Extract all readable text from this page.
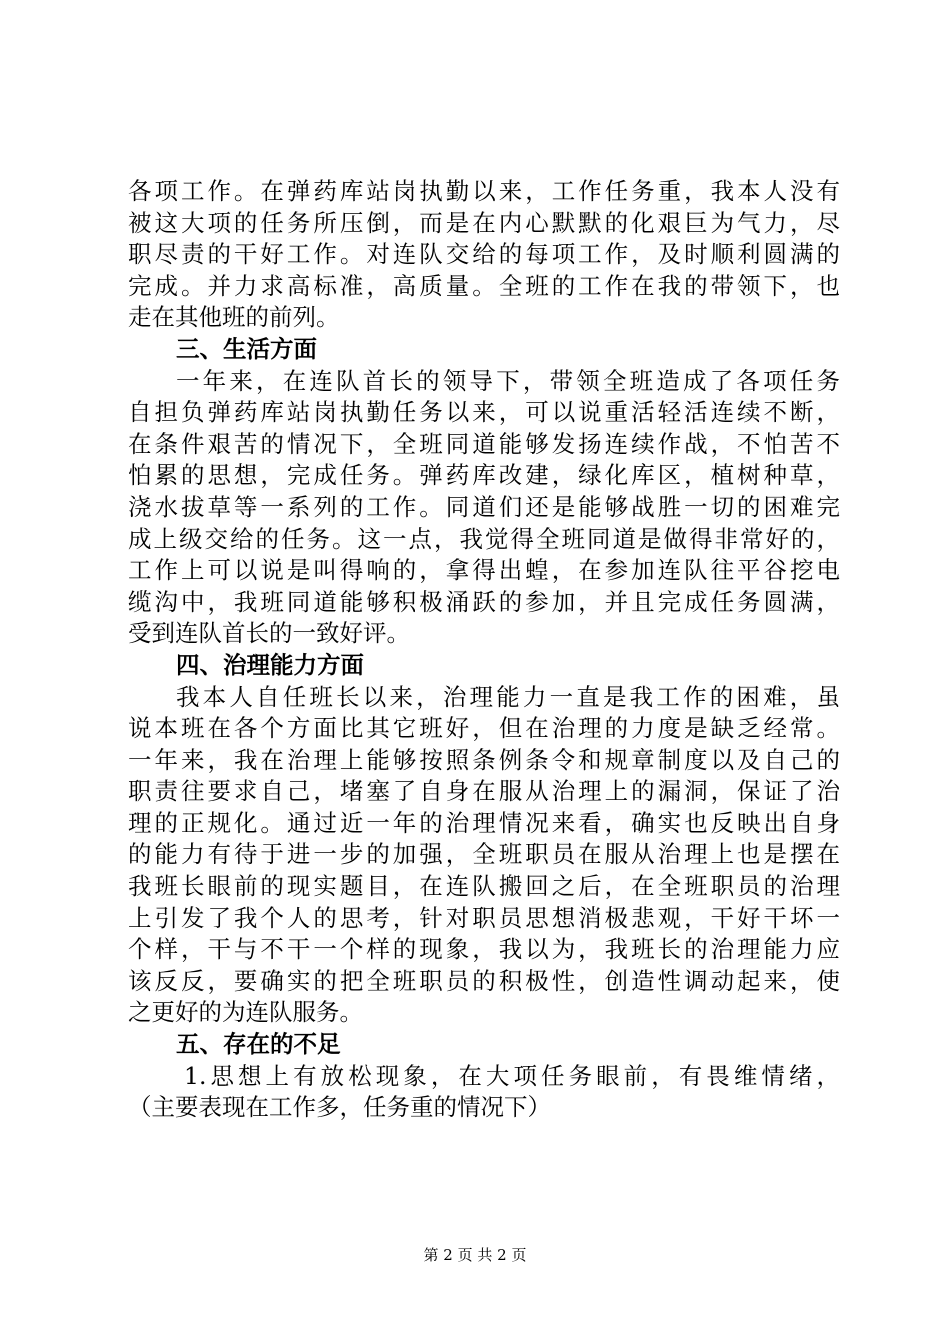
各项工作。在弹药库站岗执勤以来，工作任务重，我本人没有
被这大项的任务所压倒，而是在内心默默的化艰巨为气力，尽
职尽责的干好工作。对连队交给的每项工作，及时顺利圆满的
完成。并力求高标准，高质量。全班的工作在我的带领下，也
走在其他班的前列。
三、生活方面
一年来，在连队首长的领导下，带领全班造成了各项任务
自担负弹药库站岗执勤任务以来，可以说重活轻活连续不断，
在条件艰苦的情况下，全班同道能够发扬连续作战，不怕苦不
怕累的思想，完成任务。弹药库改建，绿化库区，植树种草，
浇水拔草等一系列的工作。同道们还是能够战胜一切的困难完
成上级交给的任务。这一点，我觉得全班同道是做得非常好的，
工作上可以说是叫得响的，拿得出蝗，在参加连队往平谷挖电
缆沟中，我班同道能够积极涌跃的参加，并且完成任务圆满，
受到连队首长的一致好评。
四、治理能力方面
我本人自任班长以来，治理能力一直是我工作的困难，虽
说本班在各个方面比其它班好，但在治理的力度是缺乏经常。
一年来，我在治理上能够按照条例条令和规章制度以及自己的
职责往要求自己，堵塞了自身在服从治理上的漏洞，保证了治
理的正规化。通过近一年的治理情况来看，确实也反映出自身
的能力有待于进一步的加强，全班职员在服从治理上也是摆在
我班长眼前的现实题目，在连队搬回之后，在全班职员的治理
上引发了我个人的思考，针对职员思想消极悲观，干好干坏一
个样，干与不干一个样的现象，我以为，我班长的治理能力应
该反反，要确实的把全班职员的积极性，创造性调动起来，使
之更好的为连队服务。
五、存在的不足
1.思想上有放松现象，在大项任务眼前，有畏维情绪，
（主要表现在工作多，任务重的情况下）
第 2 页 共 2 页
